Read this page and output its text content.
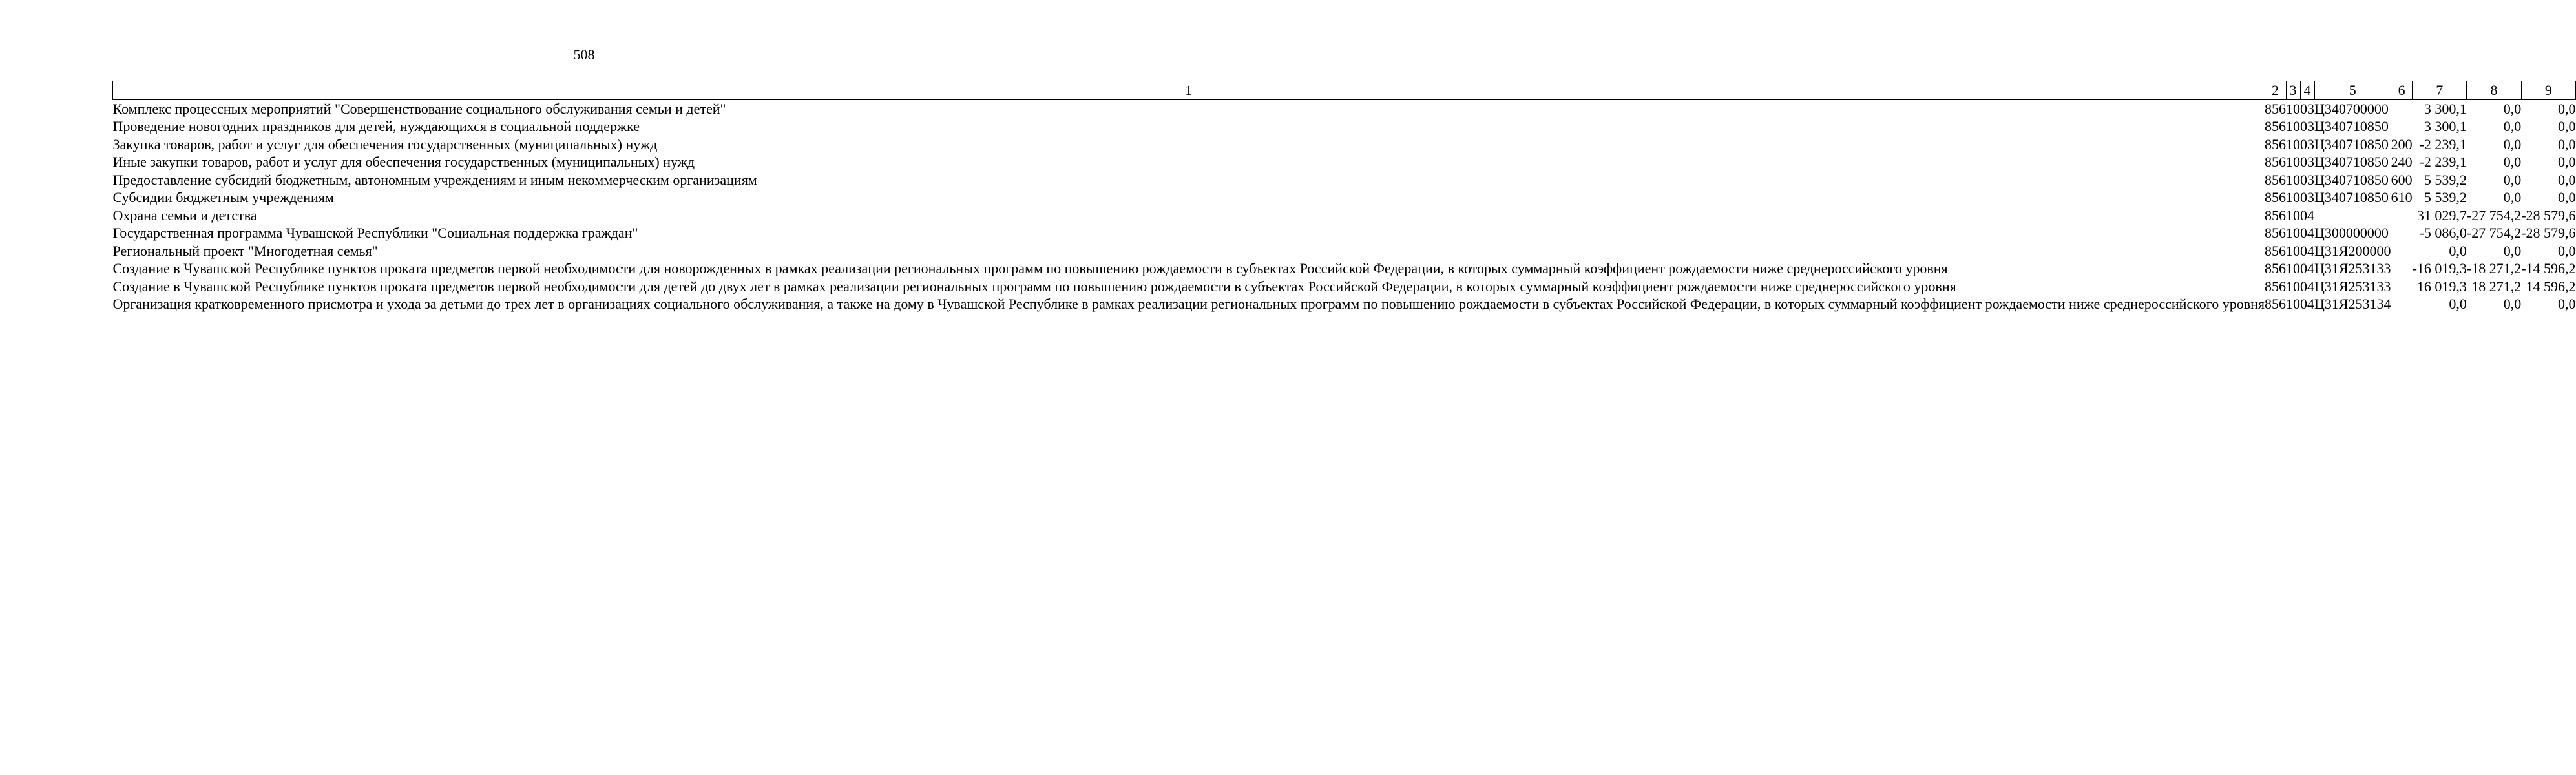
508
1	2	3	4	5	6	7	8	9
Комплекс процессных мероприятий "Совершенствование социального обслуживания семьи и детей"	856	10	03	Ц340700000		3 300,1	0,0	0,0
Проведение новогодних праздников для детей, нуждающихся в социальной поддержке	856	10	03	Ц340710850		3 300,1	0,0	0,0
Закупка товаров, работ и услуг для обеспечения государственных (муниципальных) нужд	856	10	03	Ц340710850	200	-2 239,1	0,0	0,0
Иные закупки товаров, работ и услуг для обеспечения государственных (муниципальных) нужд	856	10	03	Ц340710850	240	-2 239,1	0,0	0,0
Предоставление субсидий бюджетным, автономным учреждениям и иным некоммерческим организациям	856	10	03	Ц340710850	600	5 539,2	0,0	0,0
Субсидии бюджетным учреждениям	856	10	03	Ц340710850	610	5 539,2	0,0	0,0
Охрана семьи и детства	856	10	04			31 029,7	-27 754,2	-28 579,6
Государственная программа Чувашской Республики "Социальная поддержка граждан"	856	10	04	Ц300000000		-5 086,0	-27 754,2	-28 579,6
Региональный проект "Многодетная семья"	856	10	04	Ц31Я200000		0,0	0,0	0,0
Создание в Чувашской Республике пунктов проката предметов первой необходимости для новорожденных в рамках реализации региональных программ по повышению рождаемости в субъектах Российской Федерации, в которых суммарный коэффициент рождаемости ниже среднероссийского уровня	856	10	04	Ц31Я253133		-16 019,3	-18 271,2	-14 596,2
Создание в Чувашской Республике пунктов проката предметов первой необходимости для детей до двух лет в рамках реализации региональных программ по повышению рождаемости в субъектах Российской Федерации, в которых суммарный коэффициент рождаемости ниже среднероссийского уровня	856	10	04	Ц31Я253133		16 019,3	18 271,2	14 596,2
Организация кратковременного присмотра и ухода за детьми до трех лет в организациях социального обслуживания, а также на дому в Чувашской Республике в рамках реализации региональных программ по повышению рождаемости в субъектах Российской Федерации, в которых суммарный коэффициент рождаемости ниже среднероссийского уровня	856	10	04	Ц31Я253134		0,0	0,0	0,0
